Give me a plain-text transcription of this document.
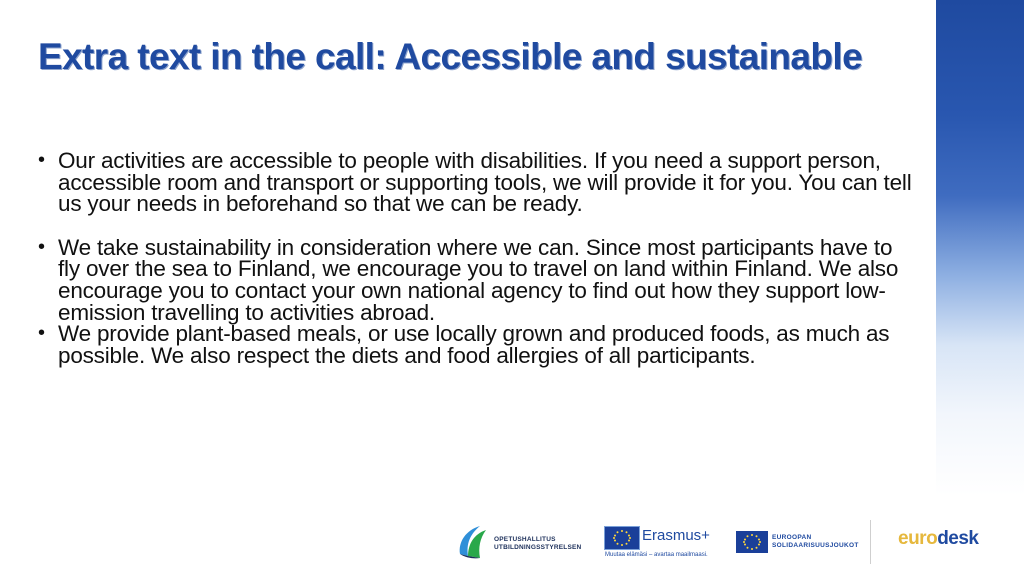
Extra text in the call: Accessible and sustainable
• Our activities are accessible to people with disabilities. If you need a support person, accessible room and transport or supporting tools, we will provide it for you. You can tell us your needs in beforehand so that we can be ready.
• We take sustainability in consideration where we can. Since most participants have to fly over the sea to Finland, we encourage you to travel on land within Finland. We also encourage you to contact your own national agency to find out how they support low-emission travelling to activities abroad.
• We provide plant-based meals, or use locally grown and produced foods, as much as possible. We also respect the diets and food allergies of all participants.
OPETUSHALLITUS
UTBILDNINGSSTYRELSEN
Erasmus+
Muutaa elämäsi – avartaa maailmaasi.
EUROOPAN
SOLIDAARISUUSJOUKOT eurodesk
